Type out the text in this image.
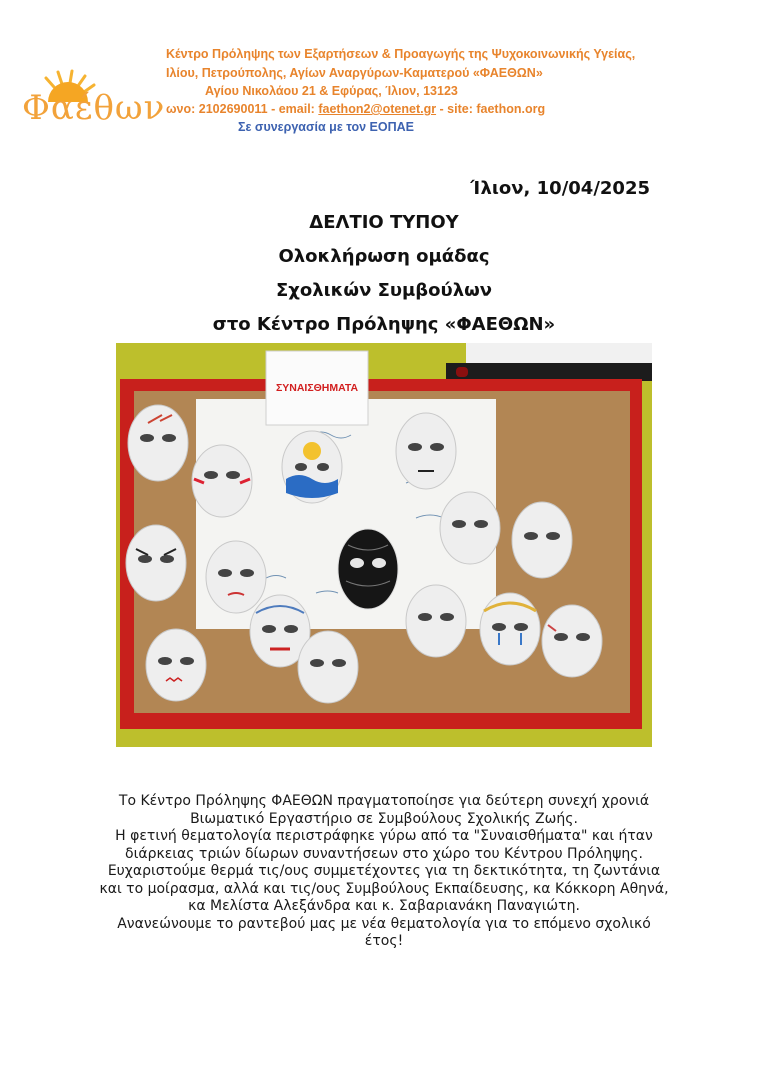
Φαέθων
Κέντρο Πρόληψης των Εξαρτήσεων & Προαγωγής της Ψυχοκοινωνικής Υγείας,
Ιλίου, Πετρούπολης, Αγίων Αναργύρων-Καματερού «ΦΑΕΘΩΝ»
Αγίου Νικολάου 21 & Εφύρας, Ίλιον, 13123
ωνο: 2102690011 - email: faethon2@otenet.gr - site: faethon.org
Σε συνεργασία με τον ΕΟΠΑΕ
Ίλιον, 10/04/2025
ΔΕΛΤΙΟ ΤΥΠΟΥ
Ολοκλήρωση ομάδας
Σχολικών Συμβούλων
στο Κέντρο Πρόληψης «ΦΑΕΘΩΝ»
ΣΥΝΑΙΣΘΗΜΑΤΑ

Το Κέντρο Πρόληψης ΦΑΕΘΩΝ πραγματοποίησε για δεύτερη συνεχή χρονιά Βιωματικό Εργαστήριο σε Συμβούλους Σχολικής Ζωής.

Η φετινή θεματολογία περιστράφηκε γύρω από τα "Συναισθήματα" και ήταν διάρκειας τριών δίωρων συναντήσεων στο χώρο του Κέντρου Πρόληψης.

Ευχαριστούμε θερμά τις/ους συμμετέχοντες για τη δεκτικότητα, τη ζωντάνια και το μοίρασμα, αλλά και τις/ους Συμβούλους Εκπαίδευσης, κα Κόκκορη Αθηνά, κα Μελίστα Αλεξάνδρα και κ. Σαβαριανάκη Παναγιώτη.

Ανανεώνουμε το ραντεβού μας με νέα θεματολογία για το επόμενο σχολικό έτος!
